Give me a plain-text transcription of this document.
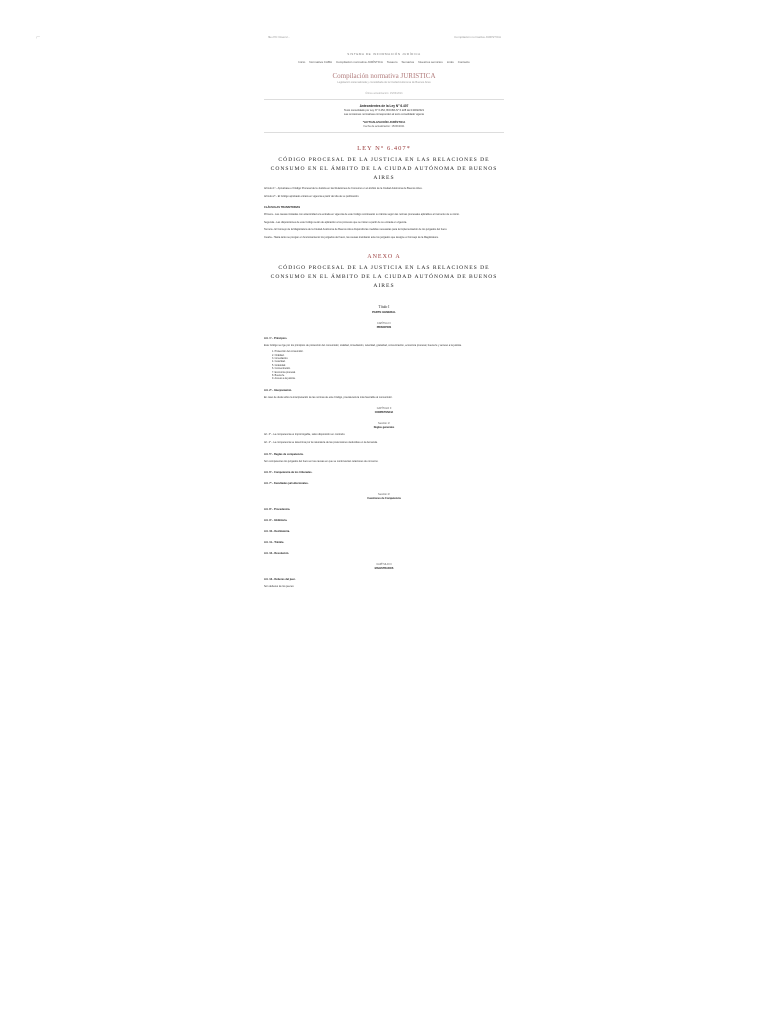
⌐	file:///C:/Users/...	Compilación normativa JURISTICA
SISTEMA DE INFORMACIÓN JURÍDICA
Inicio Normativa CABA Compilación normativa JURÍSTICA Tesauro Sumarios Nuestros servicios Links Contacto
Compilación normativa JURISTICA
Legislación sistematizada y consolidada de la Ciudad Autónoma de Buenos Aires
Última actualización: 15/06/2021
Antecedentes de la Ley N° 6.407
Texto consolidado por Ley N° 6.452, BOCBA N° 6.228 del 13/09/2021
Las remisiones normativas corresponden al texto consolidado vigente
*ACTUALIZACIÓN JURÍSTICA
Fecha de actualización: 15/06/2021
LEY N° 6.407*
CÓDIGO PROCESAL DE LA JUSTICIA EN LAS RELACIONES DE CONSUMO EN EL ÁMBITO DE LA CIUDAD AUTÓNOMA DE BUENOS AIRES
Artículo 1°.- Apruébase el Código Procesal de la Justicia en las Relaciones de Consumo en el ámbito de la Ciudad Autónoma de Buenos Aires.
Artículo 2°.- El Código aprobado entrará en vigencia a partir del día de su publicación.
CLÁUSULAS TRANSITORIAS
Primera.- Las causas iniciadas con anterioridad a la entrada en vigencia de este Código continuarán su trámite según las normas procesales aplicables al momento de su inicio.
Segunda.- Las disposiciones de este Código serán de aplicación a los procesos que se inicien a partir de su entrada en vigencia.
Tercera.- El Consejo de la Magistratura de la Ciudad Autónoma de Buenos Aires dispondrá las medidas necesarias para la implementación de los juzgados del fuero.
Cuarta.- Hasta tanto se pongan en funcionamiento los juzgados del fuero, las causas tramitarán ante los juzgados que designe el Consejo de la Magistratura.
ANEXO A
CÓDIGO PROCESAL DE LA JUSTICIA EN LAS RELACIONES DE CONSUMO EN EL ÁMBITO DE LA CIUDAD AUTÓNOMA DE BUENOS AIRES
Título I
PARTE GENERAL
CAPÍTULO I
PRINCIPIOS
Art. 1°.- Principios.
Este Código se rige por los principios de protección del consumidor, oralidad, inmediación, celeridad, gratuidad, concentración, economía procesal, buena fe y acceso a la justicia.
1. Protección del consumidor.
2. Oralidad.
3. Inmediación.
4. Celeridad.
5. Gratuidad.
6. Concentración.
7. Economía procesal.
8. Buena fe.
9. Acceso a la justicia.
Art. 2°.- Interpretación.
En caso de duda sobre la interpretación de las normas de este Código, prevalecerá la más favorable al consumidor.
CAPÍTULO II
COMPETENCIA
Sección 1ª
Reglas generales
Art. 3°.- La competencia es improrrogable, salvo disposición en contrario.
Art. 4°.- La competencia se determina por la naturaleza de las pretensiones deducidas en la demanda.
Art. 5°.- Reglas de competencia.
Son competentes los juzgados del fuero en las causas en que se controviertan relaciones de consumo.
Art. 6°.- Competencia de los tribunales.
Art. 7°.- Facultades jurisdiccionales.
Sección 2ª
Cuestiones de Competencia
Art. 8°.- Procedencia.
Art. 9°.- Inhibitoria.
Art. 10.- Declinatoria.
Art. 11.- Trámite.
Art. 12.- Resolución.
CAPÍTULO III
MAGISTRADOS
Art. 13.- Deberes del juez.
Son deberes de los jueces:
